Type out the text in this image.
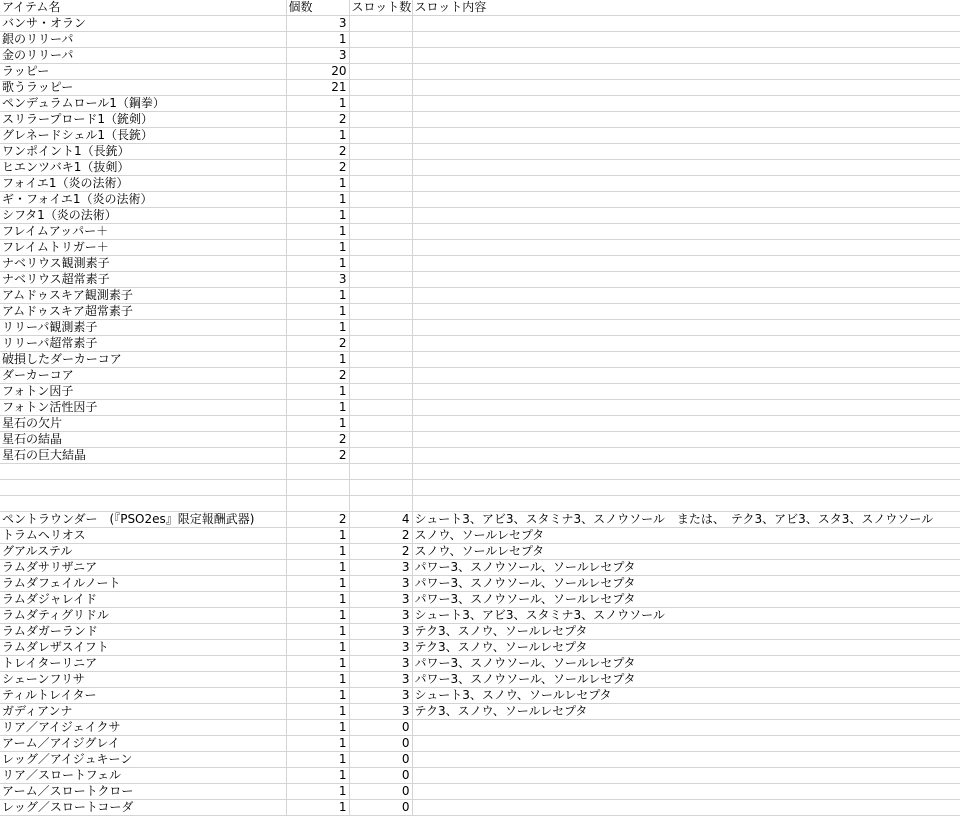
アイテム名	個数	スロット数	スロット内容
バンサ・オラン	3		
銀のリリーパ	1		
金のリリーパ	3		
ラッピー	20		
歌うラッピー	21		
ペンデュラムロール1（鋼拳）	1		
スリラープロード1（銃剣）	2		
グレネードシェル1（長銃）	1		
ワンポイント1（長銃）	2		
ヒエンツバキ1（抜剣）	2		
フォイエ1（炎の法術）	1		
ギ・フォイエ1（炎の法術）	1		
シフタ1（炎の法術）	1		
フレイムアッパー＋	1		
フレイムトリガー＋	1		
ナベリウス観測素子	1		
ナベリウス超常素子	3		
アムドゥスキア観測素子	1		
アムドゥスキア超常素子	1		
リリーパ観測素子	1		
リリーパ超常素子	2		
破損したダーカーコア	1		
ダーカーコア	2		
フォトン因子	1		
フォトン活性因子	1		
星石の欠片	1		
星石の結晶	2		
星石の巨大結晶	2		

ペントラウンダー　(『PSO2es』限定報酬武器)	2	4	シュート3、アビ3、スタミナ3、スノウソール　または、　テク3、アビ3、スタ3、スノウソール
トラムヘリオス	1	2	スノウ、ソールレセプタ
グアルステル	1	2	スノウ、ソールレセプタ
ラムダサリザニア	1	3	パワー3、スノウソール、ソールレセプタ
ラムダフェイルノート	1	3	パワー3、スノウソール、ソールレセプタ
ラムダジャレイド	1	3	パワー3、スノウソール、ソールレセプタ
ラムダティグリドル	1	3	シュート3、アビ3、スタミナ3、スノウソール
ラムダガーランド	1	3	テク3、スノウ、ソールレセプタ
ラムダレザスイフト	1	3	テク3、スノウ、ソールレセプタ
トレイターリニア	1	3	パワー3、スノウソール、ソールレセプタ
シェーンフリサ	1	3	パワー3、スノウソール、ソールレセプタ
ティルトレイター	1	3	シュート3、スノウ、ソールレセプタ
ガディアンナ	1	3	テク3、スノウ、ソールレセプタ
リア／アイジェイクサ	1	0	
アーム／アイジグレイ	1	0	
レッグ／アイジュキーン	1	0	
リア／スロートフェル	1	0	
アーム／スロートクロー	1	0	
レッグ／スロートコーダ	1	0	
